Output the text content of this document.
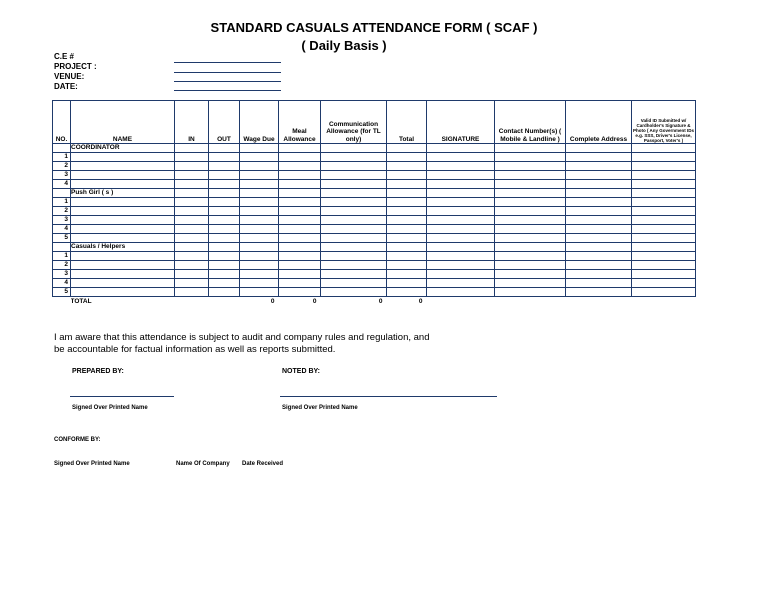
STANDARD CASUALS ATTENDANCE FORM ( SCAF )
( Daily Basis )
C.E #
PROJECT :
VENUE:
DATE:
NO.	NAME	IN	OUT	Wage Due	Meal Allowance	Communication Allowance (for TL only)	Total	SIGNATURE	Contact Number(s) ( Mobile & Landline )	Complete Address	Valid ID Submitted w/ Cardholder's Signature & Photo ( Any Government IDs e.g. SSS, Driver's License, Passport, Voter's )
	COORDINATOR										
1											
2											
3											
4											
	Push Girl ( s )										
1											
2											
3											
4											
5											
	Casuals / Helpers										
1											
2											
3											
4											
5											
	TOTAL			0	0	0	0				
I am aware that this attendance is subject to audit and company rules and regulation, and
be accountable for factual information as well as reports submitted.
PREPARED BY:	NOTED BY:
Signed Over Printed Name	Signed Over Printed Name
CONFORME BY:
Signed Over Printed Name	Name Of Company Date Received
